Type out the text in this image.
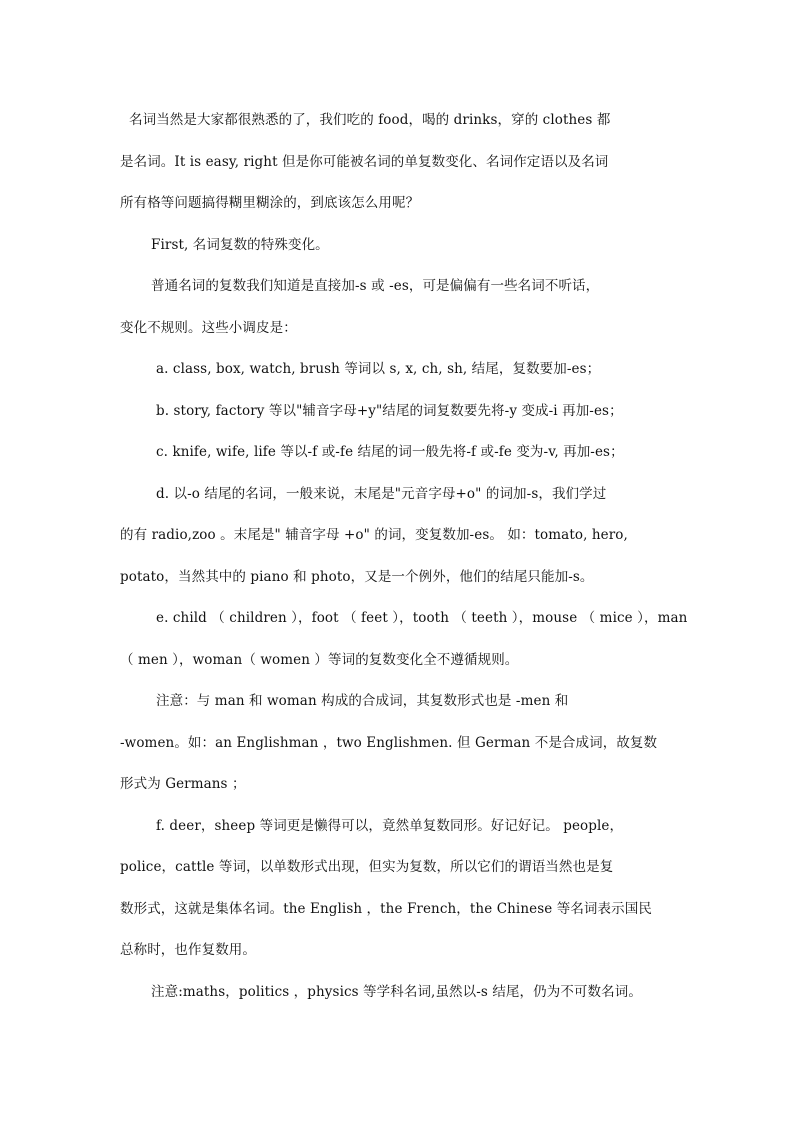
名词当然是大家都很熟悉的了，我们吃的 food，喝的 drinks，穿的 clothes 都
是名词。It is easy, right 但是你可能被名词的单复数变化、名词作定语以及名词
所有格等问题搞得糊里糊涂的，到底该怎么用呢？

First, 名词复数的特殊变化。

普通名词的复数我们知道是直接加-s 或 -es，可是偏偏有一些名词不听话，
变化不规则。这些小调皮是：

a. class, box, watch, brush 等词以 s, x, ch, sh, 结尾，复数要加-es；

b. story, factory 等以"辅音字母+y"结尾的词复数要先将-y 变成-i 再加-es；

c. knife, wife, life 等以-f 或-fe 结尾的词一般先将-f 或-fe 变为-v, 再加-es；

d. 以-o 结尾的名词，一般来说，末尾是"元音字母+o" 的词加-s，我们学过
的有 radio,zoo 。末尾是" 辅音字母 +o" 的词，变复数加-es。 如：tomato, hero,
potato，当然其中的 piano 和 photo，又是一个例外，他们的结尾只能加-s。

e. child （ children ），foot （ feet ），tooth （ teeth ），mouse （ mice ），man
（ men ），woman（ women ）等词的复数变化全不遵循规则。

注意：与 man 和 woman 构成的合成词，其复数形式也是 -men 和
-women。如：an Englishman ，two Englishmen. 但 German 不是合成词，故复数
形式为 Germans ；

f. deer，sheep 等词更是懒得可以，竟然单复数同形。好记好记。 people，
police，cattle 等词，以单数形式出现，但实为复数，所以它们的谓语当然也是复
数形式，这就是集体名词。the English ，the French，the Chinese 等名词表示国民
总称时，也作复数用。

注意:maths，politics ，physics 等学科名词,虽然以-s 结尾，仍为不可数名词。
